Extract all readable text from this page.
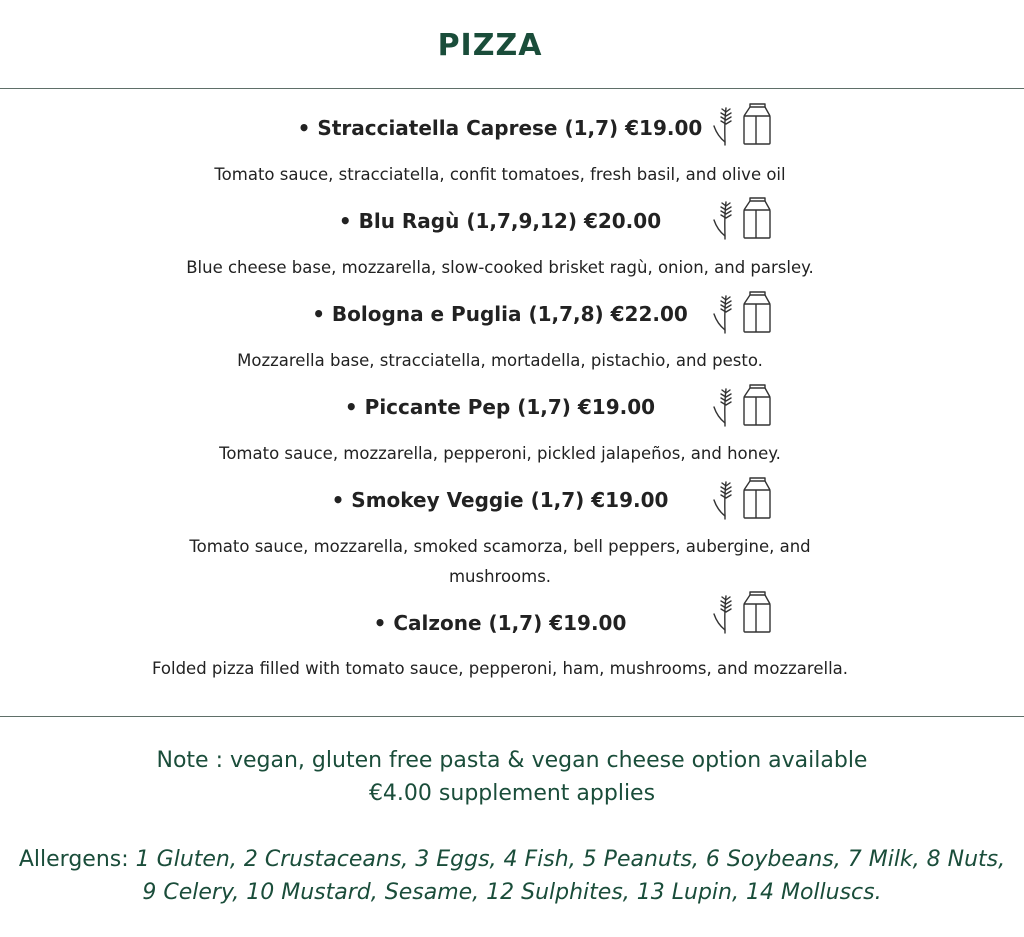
PIZZA
• Stracciatella Caprese (1,7) €19.00
Tomato sauce, stracciatella, confit tomatoes, fresh basil, and olive oil
• Blu Ragù (1,7,9,12) €20.00
Blue cheese base, mozzarella, slow-cooked brisket ragù, onion, and parsley.
• Bologna e Puglia (1,7,8) €22.00
Mozzarella base, stracciatella, mortadella, pistachio, and pesto.
• Piccante Pep (1,7) €19.00
Tomato sauce, mozzarella, pepperoni, pickled jalapeños, and honey.
• Smokey Veggie (1,7) €19.00
Tomato sauce, mozzarella, smoked scamorza, bell peppers, aubergine, and mushrooms.
• Calzone (1,7) €19.00
Folded pizza filled with tomato sauce, pepperoni, ham, mushrooms, and mozzarella.
Note : vegan, gluten free pasta & vegan cheese option available
€4.00 supplement applies
Allergens: 1 Gluten, 2 Crustaceans, 3 Eggs, 4 Fish, 5 Peanuts, 6 Soybeans, 7 Milk, 8 Nuts,
9 Celery, 10 Mustard, Sesame, 12 Sulphites, 13 Lupin, 14 Molluscs.
